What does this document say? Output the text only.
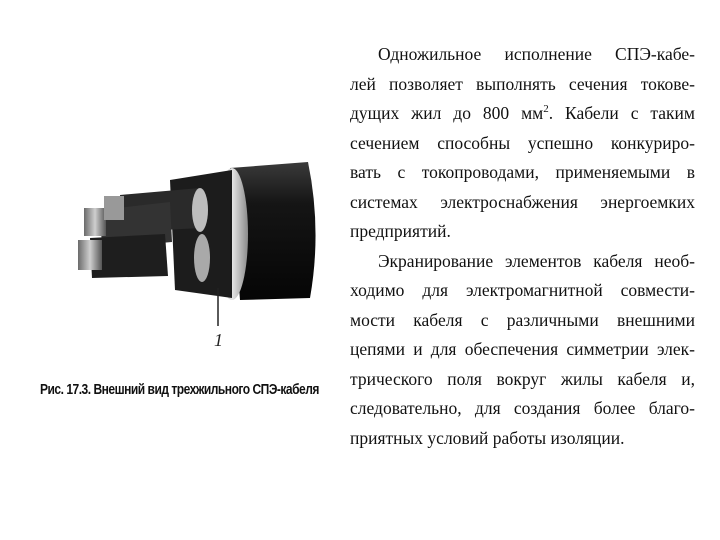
1
Рис. 17.3. Внешний вид трехжильного СПЭ-кабеля
Одножильное исполнение СПЭ-кабе-
лей позволяет выполнять сечения токове-
дущих жил до 800 $мм^2$. Кабели с таким
сечением способны успешно конкуриро-
вать с токопроводами, применяемыми в
системах электроснабжения энергоемких
предприятий.
Экранирование элементов кабеля необ-
ходимо для электромагнитной совмести-
мости кабеля с различными внешними
цепями и для обеспечения симметрии элек-
трического поля вокруг жилы кабеля и,
следовательно, для создания более благо-
приятных условий работы изоляции.
